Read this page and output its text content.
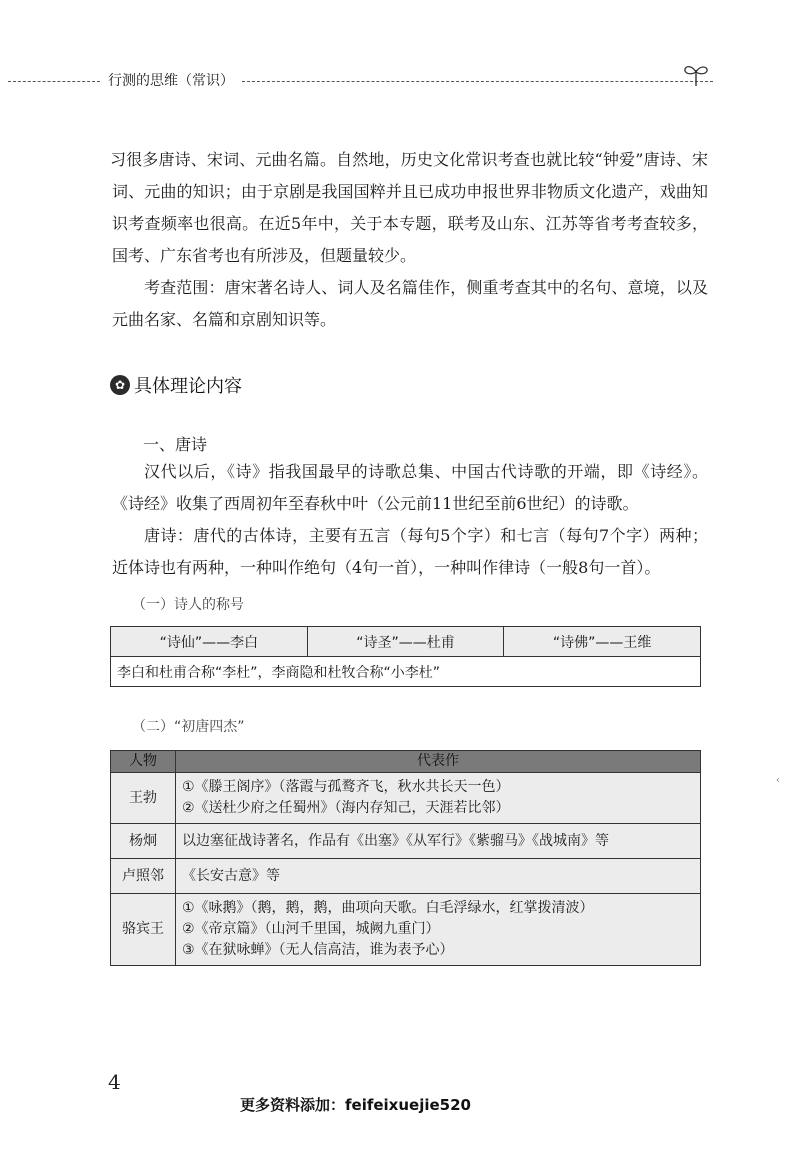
行测的思维（常识）

习很多唐诗、宋词、元曲名篇。自然地，历史文化常识考查也就比较“钟爱”唐诗、宋词、元曲的知识；由于京剧是我国国粹并且已成功申报世界非物质文化遗产，戏曲知识考查频率也很高。在近5年中，关于本专题，联考及山东、江苏等省考考查较多，国考、广东省考也有所涉及，但题量较少。

考查范围：唐宋著名诗人、词人及名篇佳作，侧重考查其中的名句、意境，以及元曲名家、名篇和京剧知识等。

✿ 具体理论内容
一、唐诗

汉代以后，《诗》指我国最早的诗歌总集、中国古代诗歌的开端，即《诗经》。《诗经》收集了西周初年至春秋中叶（公元前11世纪至前6世纪）的诗歌。

唐诗：唐代的古体诗，主要有五言（每句5个字）和七言（每句7个字）两种；近体诗也有两种，一种叫作绝句（4句一首），一种叫作律诗（一般8句一首）。

（一）诗人的称号
“诗仙”——李白	“诗圣”——杜甫	“诗佛”——王维
李白和杜甫合称“李杜”，李商隐和杜牧合称“小李杜”
（二）“初唐四杰”
人物	代表作
王勃	①《滕王阁序》（落霞与孤鹜齐飞，秋水共长天一色）
②《送杜少府之任蜀州》（海内存知己，天涯若比邻）

杨炯	以边塞征战诗著名，作品有《出塞》《从军行》《紫骝马》《战城南》等

卢照邻	《长安古意》等

骆宾王	①《咏鹅》（鹅，鹅，鹅，曲项向天歌。白毛浮绿水，红掌拨清波）
②《帝京篇》（山河千里国，城阙九重门）
③《在狱咏蝉》（无人信高洁，谁为表予心）
‹
4
更多资料添加：feifeixuejie520
